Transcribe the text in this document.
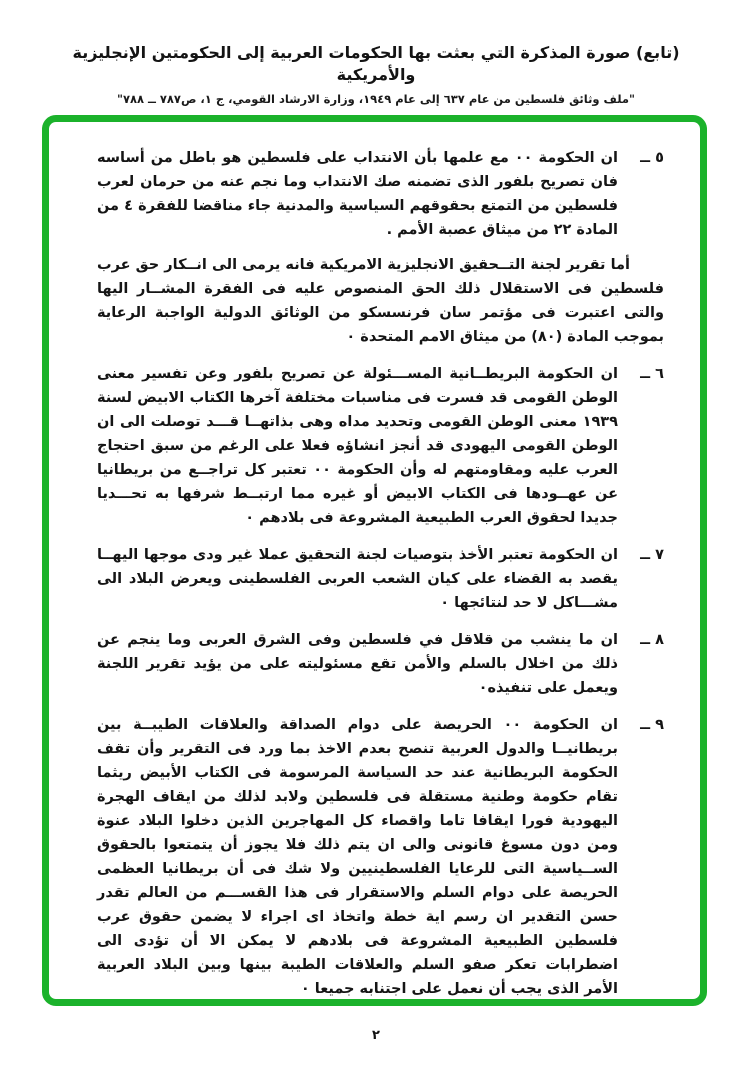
(تابع) صورة المذكرة التي بعثت بها الحكومات العربية إلى الحكومتين الإنجليزية والأمريكية
"ملف وثائق فلسطين من عام ٦٣٧ إلى عام ١٩٤٩، وزارة الارشاد القومي، ج ١، ص٧٨٧ ــ ٧٨٨"
٥ ــ

ان الحكومة ٠٠ مع علمها بأن الانتداب على فلسطين هو باطل من أساسه فان تصريح بلفور الذى تضمنه صك الانتداب وما نجم عنه من حرمان لعرب فلسطين من التمتع بحقوقهم السياسية والمدنية جاء مناقضا للفقرة ٤ من المادة ٢٢ من ميثاق عصبة الأمم .

أما تقرير لجنة التــحقيق الانجليزية الامريكية فانه يرمى الى انــكار حق عرب فلسطين فى الاستقلال ذلك الحق المنصوص عليه فى الفقرة المشــار اليها والتى اعتبرت فى مؤتمر سان فرنسسكو من الوثائق الدولية الواجبة الرعاية بموجب المادة (٨٠) من ميثاق الامم المتحدة ٠

٦ ــ

ان الحكومة البريطــانية المســـئولة عن تصريح بلفور وعن تفسير معنى الوطن القومى قد فسرت فى مناسبات مختلفة آخرها الكتاب الابيض لسنة ١٩٣٩ معنى الوطن القومى وتحديد مداه وهى بذاتهــا قـــد توصلت الى ان الوطن القومى اليهودى قد أنجز انشاؤه فعلا على الرغم من سبق احتجاج العرب عليه ومقاومتهم له وأن الحكومة ٠٠ تعتبر كل تراجــع من بريطانيا عن عهــودها فى الكتاب الابيض أو غيره مما ارتبــط شرفها به تحـــديا جديدا لحقوق العرب الطبيعية المشروعة فى بلادهم ٠

٧ ــ

ان الحكومة تعتبر الأخذ بتوصيات لجنة التحقيق عملا غير ودى موجها اليهــا يقصد به القضاء على كيان الشعب العربى الفلسطينى ويعرض البلاد الى مشـــاكل لا حد لنتائجها ٠

٨ ــ

ان ما ينشب من قلاقل في فلسطين وفى الشرق العربى وما ينجم عن ذلك من اخلال بالسلم والأمن تقع مسئوليته على من يؤيد تقرير اللجنة ويعمل على تنفيذه٠

٩ ــ

ان الحكومة ٠٠ الحريصة على دوام الصداقة والعلاقات الطيبــة بين بريطانيــا والدول العربية تنصح بعدم الاخذ بما ورد فى التقرير وأن تقف الحكومة البريطانية عند حد السياسة المرسومة فى الكتاب الأبيض ريثما تقام حكومة وطنية مستقلة فى فلسطين ولابد لذلك من ايقاف الهجرة اليهودية فورا ايقافا تاما واقصاء كل المهاجرين الذين دخلوا البلاد عنوة ومن دون مسوغ قانونى والى ان يتم ذلك فلا يجوز أن يتمتعوا بالحقوق الســياسية التى للرعايا الفلسطينيين ولا شك فى أن بريطانيا العظمى الحريصة على دوام السلم والاستقرار فى هذا القســـم من العالم تقدر حسن التقدير ان رسم اية خطة واتخاذ اى اجراء لا يضمن حقوق عرب فلسطين الطبيعية المشروعة فى بلادهم لا يمكن الا أن تؤدى الى اضطرابات تعكر صفو السلم والعلاقات الطيبة بينها وبين البلاد العربية الأمر الذى يجب أن نعمل على اجتنابه جميعا ٠

٢
